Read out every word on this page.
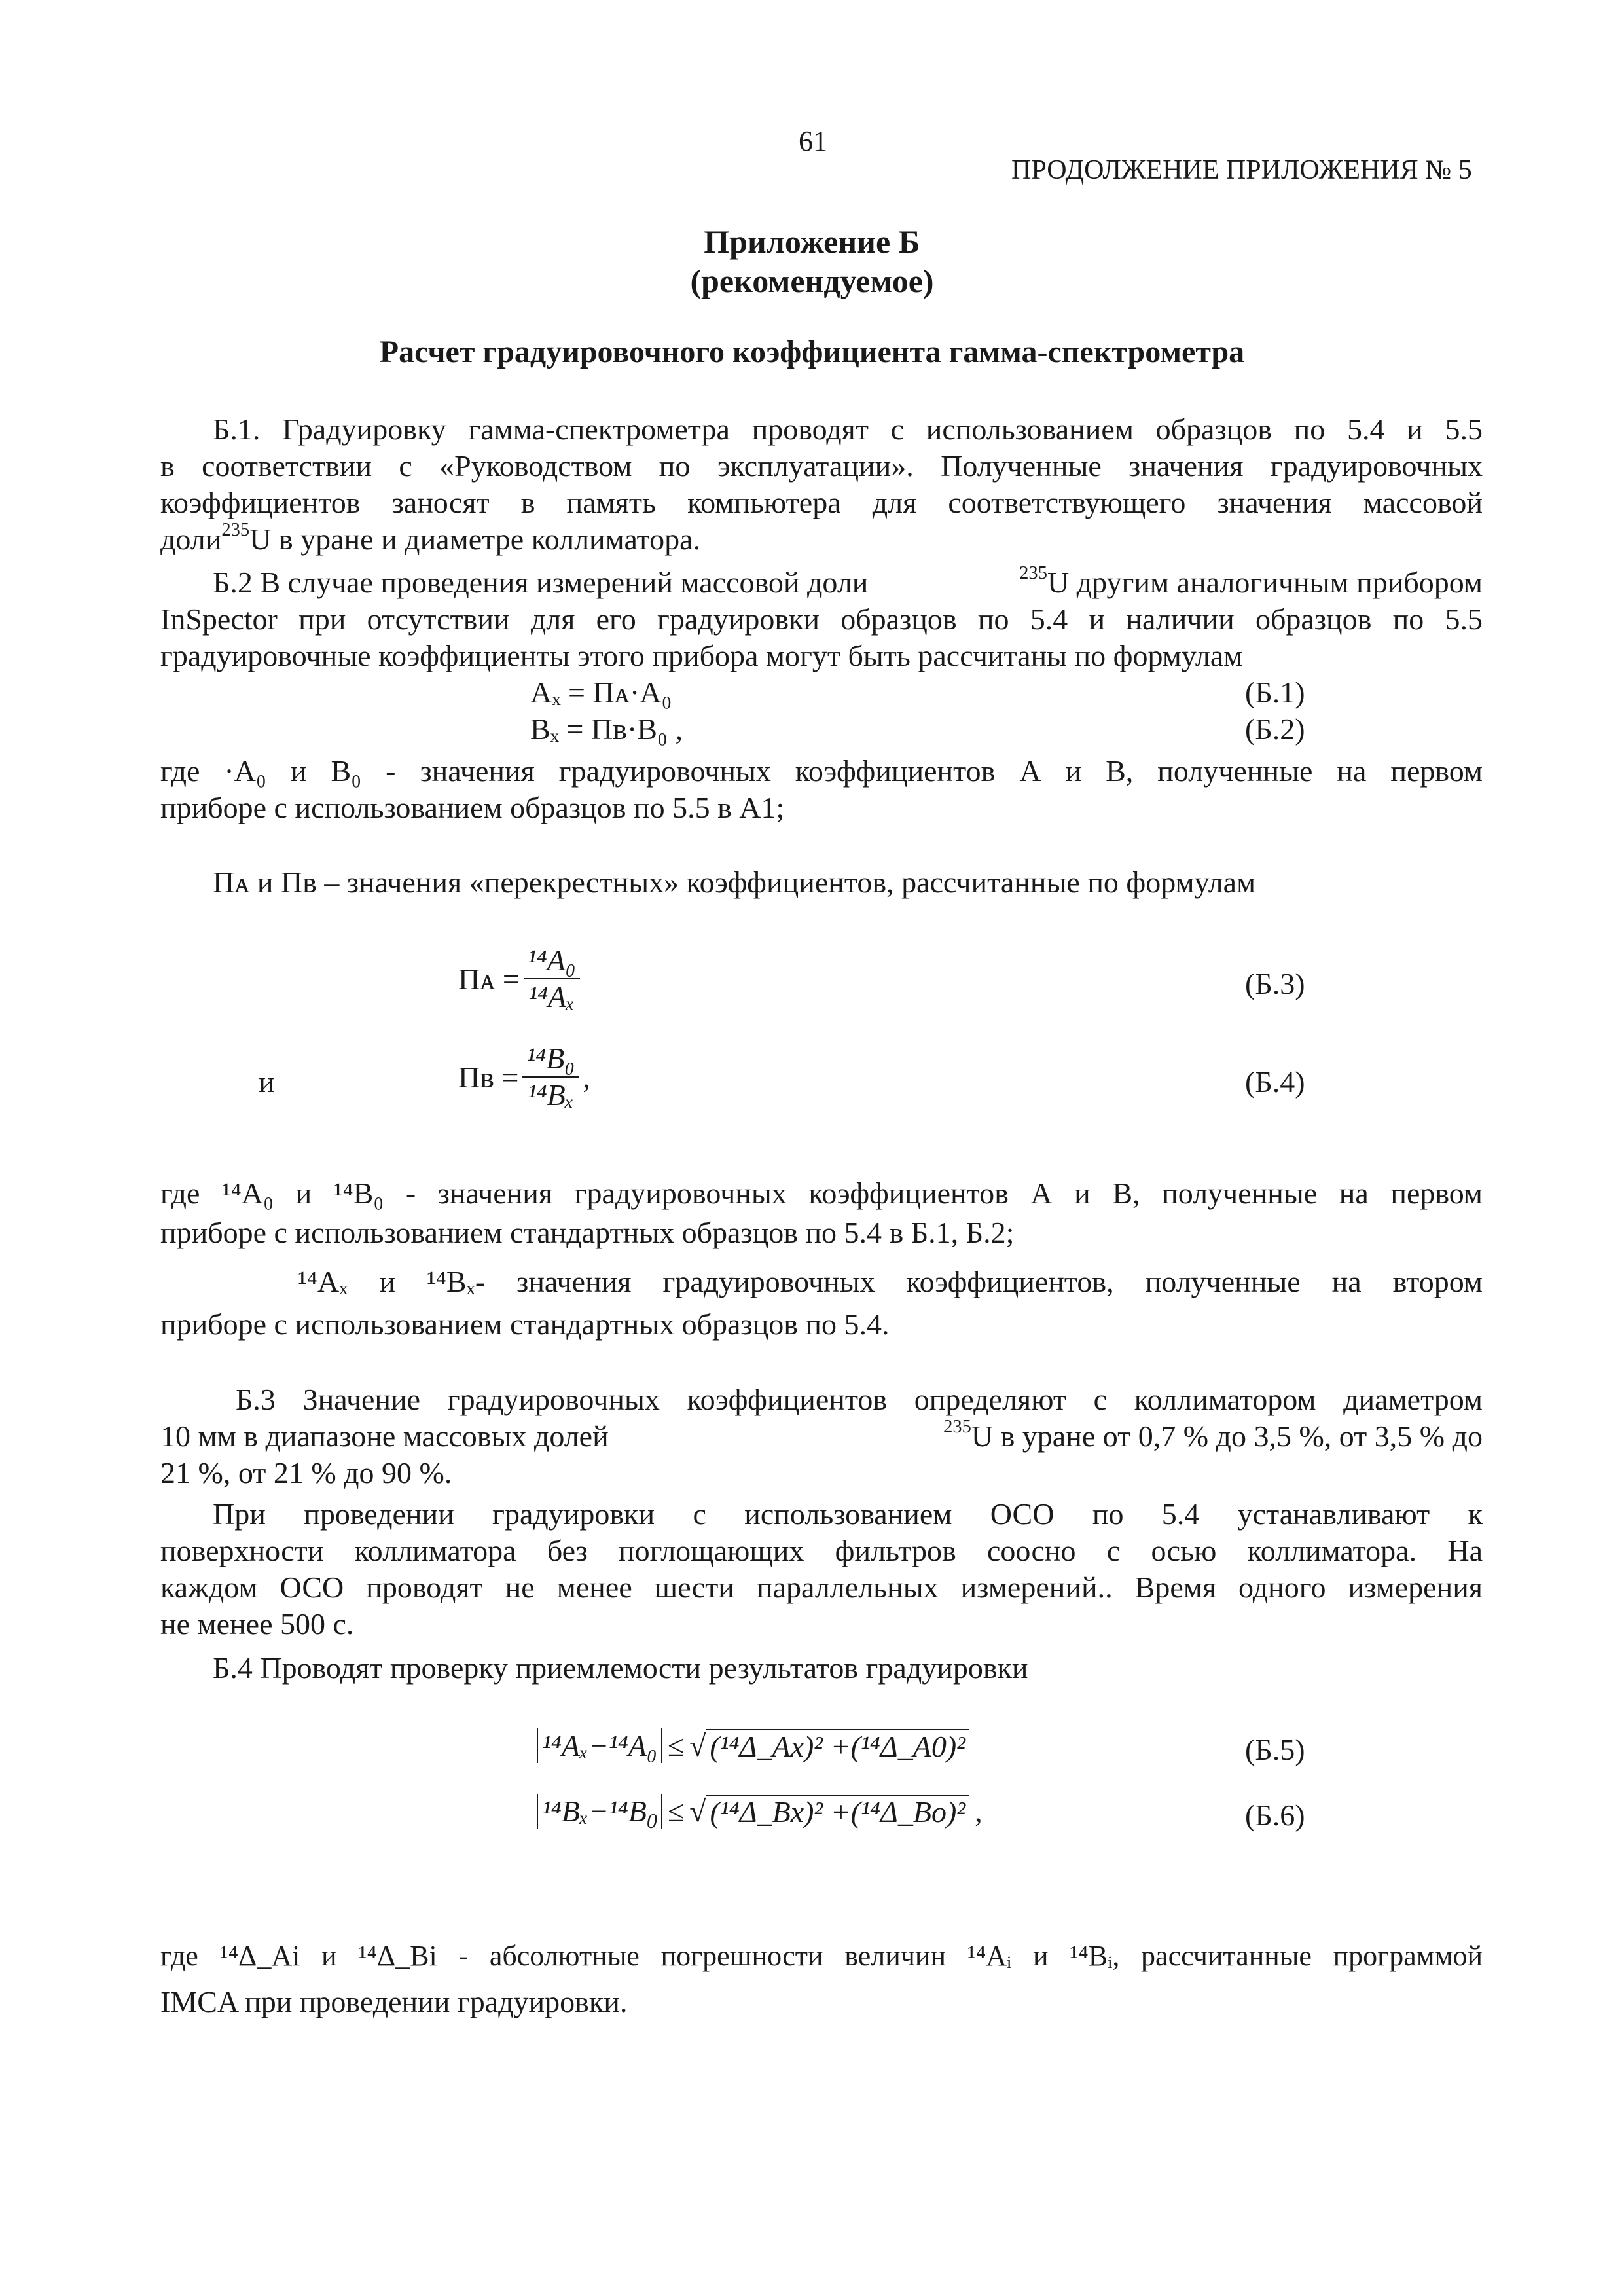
61
ПРОДОЛЖЕНИЕ ПРИЛОЖЕНИЯ № 5
Приложение Б
(рекомендуемое)
Расчет градуировочного коэффициента гамма-спектрометра
Б.1. Градуировку гамма-спектрометра проводят с использованием образцов по 5.4 и 5.5
в соответствии с «Руководством по эксплуатации». Полученные значения градуировочных
коэффициентов заносят в память компьютера для соответствующего значения массовой
доли$^{235}$U в уране и диаметре коллиматора.
Б.2 В случае проведения измерений массовой доли	$^{235}$U другим аналогичным прибором
InSpector при отсутствии для его градуировки образцов по 5.4 и наличии образцов по 5.5
градуировочные коэффициенты этого прибора могут быть рассчитаны по формулам
Aₓ = Пᴀ·A₀	(Б.1)
Bₓ = Пв·B₀ ,	(Б.2)
где ·A₀ и B₀ - значения градуировочных коэффициентов А и В, полученные на первом
приборе с использованием образцов по 5.5 в А1;
Пᴀ и Пв – значения «перекрестных» коэффициентов, рассчитанные по формулам
Пᴀ = $\frac{\text{¹⁴A₀}}{\text{¹⁴Aₓ}}$	(Б.3)
и	Пв = $\frac{\text{¹⁴B₀}}{\text{¹⁴Bₓ}}$ ,	(Б.4)
где ¹⁴A₀ и ¹⁴B₀ - значения градуировочных коэффициентов А и В, полученные на первом
приборе с использованием стандартных образцов по 5.4 в Б.1, Б.2;
¹⁴Aₓ и ¹⁴Bₓ- значения градуировочных коэффициентов, полученные на втором
приборе с использованием стандартных образцов по 5.4.
Б.3 Значение градуировочных коэффициентов определяют с коллиматором диаметром
10 мм в диапазоне массовых долей	$^{235}$U в уране от 0,7 % до 3,5 %, от 3,5 % до
21 %, от 21 % до 90 %.
При проведении градуировки с использованием ОСО по 5.4 устанавливают к
поверхности коллиматора без поглощающих фильтров соосно с осью коллиматора. На
каждом ОСО проводят не менее шести параллельных измерений.. Время одного измерения
не менее 500 с.
Б.4 Проводят проверку приемлемости результатов градуировки
¹⁴Aₓ−¹⁴A₀ ≤ √ (¹⁴Δ_Ax)² +(¹⁴Δ_A0)²	(Б.5)
$^{14}B_x-^{14}B_0$ ≤ √ (¹⁴Δ_Bx)² +(¹⁴Δ_Bo)² ,	(Б.6)
где ¹⁴Δ_Ai и ¹⁴Δ_Bi - абсолютные погрешности величин ¹⁴Aᵢ и ¹⁴Bᵢ, рассчитанные программой
IMCA при проведении градуировки.
